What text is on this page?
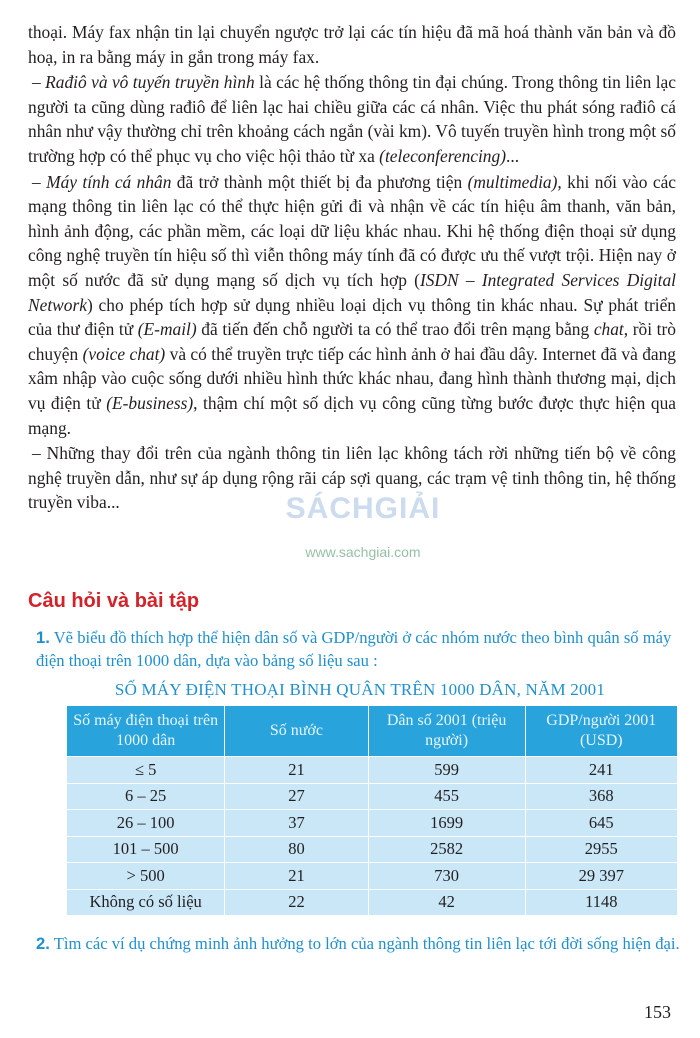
thoại. Máy fax nhận tin lại chuyển ngược trở lại các tín hiệu đã mã hoá thành văn bản và đồ hoạ, in ra bằng máy in gắn trong máy fax.

– Rađiô và vô tuyến truyền hình là các hệ thống thông tin đại chúng. Trong thông tin liên lạc người ta cũng dùng rađiô để liên lạc hai chiều giữa các cá nhân. Việc thu phát sóng rađiô cá nhân như vậy thường chỉ trên khoảng cách ngắn (vài km). Vô tuyến truyền hình trong một số trường hợp có thể phục vụ cho việc hội thảo từ xa (teleconferencing)...

– Máy tính cá nhân đã trở thành một thiết bị đa phương tiện (multimedia), khi nối vào các mạng thông tin liên lạc có thể thực hiện gửi đi và nhận về các tín hiệu âm thanh, văn bản, hình ảnh động, các phần mềm, các loại dữ liệu khác nhau. Khi hệ thống điện thoại sử dụng công nghệ truyền tín hiệu số thì viễn thông máy tính đã có được ưu thế vượt trội. Hiện nay ở một số nước đã sử dụng mạng số dịch vụ tích hợp (ISDN – Integrated Services Digital Network) cho phép tích hợp sử dụng nhiều loại dịch vụ thông tin khác nhau. Sự phát triển của thư điện tử (E-mail) đã tiến đến chỗ người ta có thể trao đổi trên mạng bằng chat, rồi trò chuyện (voice chat) và có thể truyền trực tiếp các hình ảnh ở hai đầu dây. Internet đã và đang xâm nhập vào cuộc sống dưới nhiều hình thức khác nhau, đang hình thành thương mại, dịch vụ điện tử (E-business), thậm chí một số dịch vụ công cũng từng bước được thực hiện qua mạng.

– Những thay đổi trên của ngành thông tin liên lạc không tách rời những tiến bộ về công nghệ truyền dẫn, như sự áp dụng rộng rãi cáp sợi quang, các trạm vệ tinh thông tin, hệ thống truyền viba...	SÁCHGIẢI
www.sachgiai.com
Câu hỏi và bài tập
1. Vẽ biểu đồ thích hợp thể hiện dân số và GDP/người ở các nhóm nước theo bình quân số máy điện thoại trên 1000 dân, dựa vào bảng số liệu sau :
SỐ MÁY ĐIỆN THOẠI BÌNH QUÂN TRÊN 1000 DÂN, NĂM 2001
Số máy điện thoại trên 1000 dân	Số nước	Dân số 2001 (triệu người)	GDP/người 2001 (USD)
≤ 5	21	599	241
6 – 25	27	455	368
26 – 100	37	1699	645
101 – 500	80	2582	2955
> 500	21	730	29 397
Không có số liệu	22	42	1148
2. Tìm các ví dụ chứng minh ảnh hưởng to lớn của ngành thông tin liên lạc tới đời sống hiện đại.
153
